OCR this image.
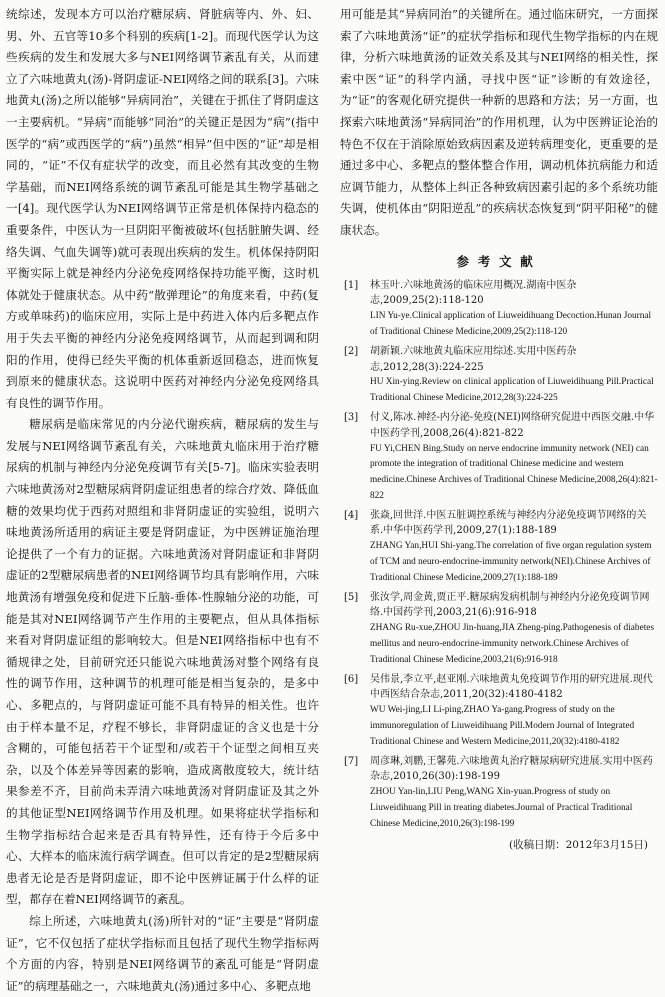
统综述，发现本方可以治疗糖尿病、肾脏病等内、外、妇、男、外、五官等10多个科别的疾病[1-2]。而现代医学认为这些疾病的发生和发展大多与NEI网络调节紊乱有关，从而建立了六味地黄丸(汤)-肾阴虚证-NEI网络之间的联系[3]。六味地黄丸(汤)之所以能够“异病同治”，关键在于抓住了肾阴虚这一主要病机。“异病”而能够“同治”的关键正是因为“病”(指中医学的“病”或西医学的“病”)虽然“相异”但中医的“证”却是相同的，“证”不仅有症状学的改变，而且必然有其改变的生物学基础，而NEI网络系统的调节紊乱可能是其生物学基础之一[4]。现代医学认为NEI网络调节正常是机体保持内稳态的重要条件，中医认为一旦阴阳平衡被破坏(包括脏腑失调、经络失调、气血失调等)就可表现出疾病的发生。机体保持阴阳平衡实际上就是神经内分泌免疫网络保持功能平衡，这时机体就处于健康状态。从中药“散弹理论”的角度来看，中药(复方或单味药)的临床应用，实际上是中药进入体内后多靶点作用于失去平衡的神经内分泌免疫网络调节，从而起到调和阴阳的作用，使得已经失平衡的机体重新返回稳态，进而恢复到原来的健康状态。这说明中医药对神经内分泌免疫网络具有良性的调节作用。

糖尿病是临床常见的内分泌代谢疾病，糖尿病的发生与发展与NEI网络调节紊乱有关，六味地黄丸临床用于治疗糖尿病的机制与神经内分泌免疫调节有关[5-7]。临床实验表明六味地黄汤对2型糖尿病肾阴虚证组患者的综合疗效、降低血糖的效果均优于西药对照组和非肾阴虚证的实验组，说明六味地黄汤所适用的病证主要是肾阴虚证，为中医辨证施治理论提供了一个有力的证据。六味地黄汤对肾阴虚证和非肾阴虚证的2型糖尿病患者的NEI网络调节均具有影响作用，六味地黄汤有增强免疫和促进下丘脑-垂体-性腺轴分泌的功能，可能是其对NEI网络调节产生作用的主要靶点，但从具体指标来看对肾阴虚证组的影响较大。但是NEI网络指标中也有不循规律之处，目前研究还只能说六味地黄汤对整个网络有良性的调节作用，这种调节的机理可能是相当复杂的，是多中心、多靶点的，与肾阴虚证可能不具有特异的相关性。也许由于样本量不足，疗程不够长，非肾阴虚证的含义也是十分含糊的，可能包括若干个证型和/或若干个证型之间相互夹杂，以及个体差异等因素的影响，造成离散度较大，统计结果参差不齐，目前尚未弄清六味地黄汤对肾阴虚证及其之外的其他证型NEI网络调节作用及机理。如果将症状学指标和生物学指标结合起来是否具有特异性，还有待于今后多中心、大样本的临床流行病学调查。但可以肯定的是2型糖尿病患者无论是否是肾阴虚证，即不论中医辨证属于什么样的证型，都存在着NEI网络调节的紊乱。

综上所述，六味地黄丸(汤)所针对的“证”主要是“肾阴虚证”，它不仅包括了症状学指标而且包括了现代生物学指标两个方面的内容，特别是NEI网络调节的紊乱可能是“肾阴虚证”的病理基础之一，六味地黄丸(汤)通过多中心、多靶点地

用可能是其“异病同治”的关键所在。通过临床研究，一方面探索了六味地黄汤“证”的症状学指标和现代生物学指标的内在规律，分析六味地黄汤的证效关系及其与NEI网络的相关性，探索中医“证”的科学内涵，寻找中医“证”诊断的有效途径，为“证”的客观化研究提供一种新的思路和方法；另一方面，也探索六味地黄汤“异病同治”的作用机理，认为中医辨证论治的特色不仅在于消除原始致病因素及逆转病理变化，更重要的是通过多中心、多靶点的整体整合作用，调动机体抗病能力和适应调节能力，从整体上纠正各种致病因素引起的多个系统功能失调，使机体由“阴阳逆乱”的疾病状态恢复到“阴平阳秘”的健康状态。

参考文献
[1] 林玉叶.六味地黄汤的临床应用概况.湖南中医杂志,2009,25(2):118-120
LIN Yu-ye.Clinical application of Liuweidihuang Decoction.Hunan Journal of Traditional Chinese Medicine,2009,25(2):118-120
[2] 胡新颖.六味地黄丸临床应用综述.实用中医药杂志,2012,28(3):224-225
HU Xin-ying.Review on clinical application of Liuweidihuang Pill.Practical Traditional Chinese Medicine,2012,28(3):224-225
[3] 付义,陈冰.神经-内分泌-免疫(NEI)网络研究促进中西医交融.中华中医药学刊,2008,26(4):821-822
FU Yi,CHEN Bing.Study on nerve endocrine immunity network (NEI) can promote the integration of traditional Chinese medicine and western medicine.Chinese Archives of Traditional Chinese Medicine,2008,26(4):821-822
[4] 张焱,回世洋.中医五脏调控系统与神经内分泌免疫调节网络的关系.中华中医药学刊,2009,27(1):188-189
ZHANG Yan,HUI Shi-yang.The correlation of five organ regulation system of TCM and neuro-endocrine-immunity network(NEI).Chinese Archives of Traditional Chinese Medicine,2009,27(1):188-189
[5] 张汝学,周金黄,贾正平.糖尿病发病机制与神经内分泌免疫调节网络.中国药学刊,2003,21(6):916-918
ZHANG Ru-xue,ZHOU Jin-huang,JIA Zheng-ping.Pathogenesis of diabetes mellitus and neuro-endocrine-immunity network.Chinese Archives of Traditional Chinese Medicine,2003,21(6):916-918
[6] 吴伟景,李立平,赵亚刚.六味地黄丸免疫调节作用的研究进展.现代中西医结合杂志,2011,20(32):4180-4182
WU Wei-jing,LI Li-ping,ZHAO Ya-gang.Progress of study on the immunoregulation of Liuweidihuang Pill.Modern Journal of Integrated Traditional Chinese and Western Medicine,2011,20(32):4180-4182
[7] 周彦琳,刘鹏,王馨苑.六味地黄丸治疗糖尿病研究进展.实用中医药杂志,2010,26(30):198-199
ZHOU Yan-lin,LIU Peng,WANG Xin-yuan.Progress of study on Liuweidihuang Pill in treating diabetes.Journal of Practical Traditional Chinese Medicine,2010,26(3):198-199
(收稿日期：2012年3月15日)
